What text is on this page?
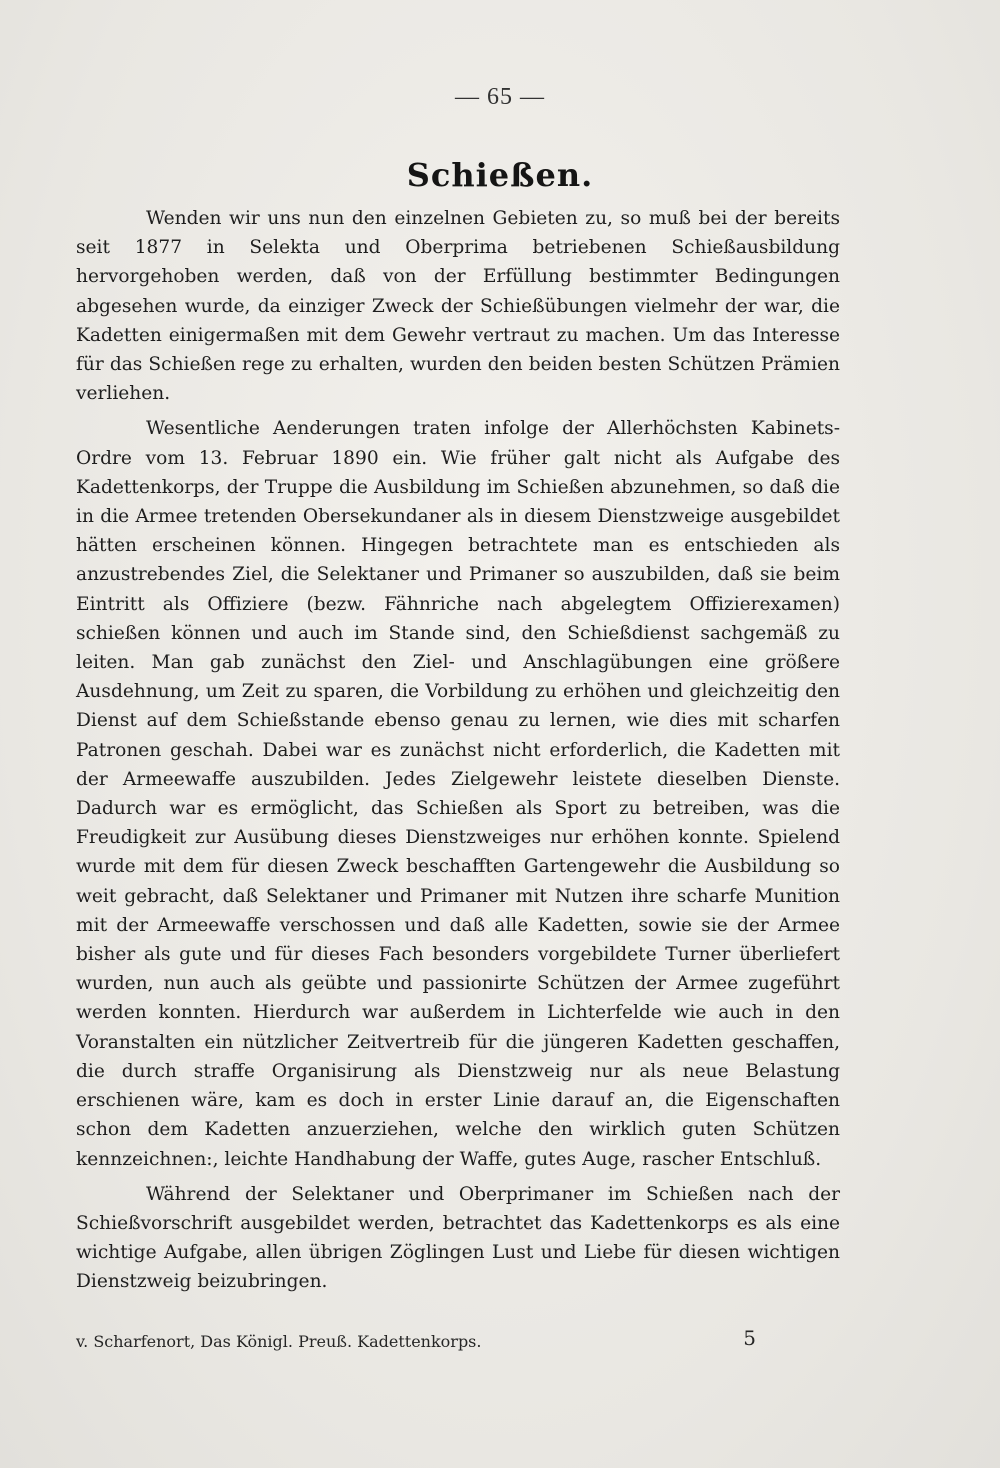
— 65 —
Schießen.

Wenden wir uns nun den einzelnen Gebieten zu, so muß bei der bereits seit 1877 in Selekta und Oberprima betriebenen Schießausbildung hervorgehoben werden, daß von der Erfüllung bestimmter Bedingungen abgesehen wurde, da einziger Zweck der Schießübungen vielmehr der war, die Kadetten einigermaßen mit dem Gewehr vertraut zu machen. Um das Interesse für das Schießen rege zu erhalten, wurden den beiden besten Schützen Prämien verliehen.

Wesentliche Aenderungen traten infolge der Allerhöchsten Kabinets-Ordre vom 13. Februar 1890 ein. Wie früher galt nicht als Aufgabe des Kadettenkorps, der Truppe die Ausbildung im Schießen abzunehmen, so daß die in die Armee tretenden Obersekundaner als in diesem Dienstzweige ausgebildet hätten erscheinen können. Hingegen betrachtete man es entschieden als anzustrebendes Ziel, die Selektaner und Primaner so auszubilden, daß sie beim Eintritt als Offiziere (bezw. Fähnriche nach abgelegtem Offizierexamen) schießen können und auch im Stande sind, den Schießdienst sachgemäß zu leiten. Man gab zunächst den Ziel- und Anschlagübungen eine größere Ausdehnung, um Zeit zu sparen, die Vorbildung zu erhöhen und gleichzeitig den Dienst auf dem Schießstande ebenso genau zu lernen, wie dies mit scharfen Patronen geschah. Dabei war es zunächst nicht erforderlich, die Kadetten mit der Armeewaffe auszubilden. Jedes Zielgewehr leistete dieselben Dienste. Dadurch war es ermöglicht, das Schießen als Sport zu betreiben, was die Freudigkeit zur Ausübung dieses Dienstzweiges nur erhöhen konnte. Spielend wurde mit dem für diesen Zweck beschafften Gartengewehr die Ausbildung so weit gebracht, daß Selektaner und Primaner mit Nutzen ihre scharfe Munition mit der Armeewaffe verschossen und daß alle Kadetten, sowie sie der Armee bisher als gute und für dieses Fach besonders vorgebildete Turner überliefert wurden, nun auch als geübte und passionirte Schützen der Armee zugeführt werden konnten. Hierdurch war außerdem in Lichterfelde wie auch in den Voranstalten ein nützlicher Zeitvertreib für die jüngeren Kadetten geschaffen, die durch straffe Organisirung als Dienstzweig nur als neue Belastung erschienen wäre, kam es doch in erster Linie darauf an, die Eigenschaften schon dem Kadetten anzuerziehen, welche den wirklich guten Schützen kennzeichnen:, leichte Handhabung der Waffe, gutes Auge, rascher Entschluß.

Während der Selektaner und Oberprimaner im Schießen nach der Schießvorschrift ausgebildet werden, betrachtet das Kadettenkorps es als eine wichtige Aufgabe, allen übrigen Zöglingen Lust und Liebe für diesen wichtigen Dienstzweig beizubringen.

v. Scharfenort, Das Königl. Preuß. Kadettenkorps.	5
